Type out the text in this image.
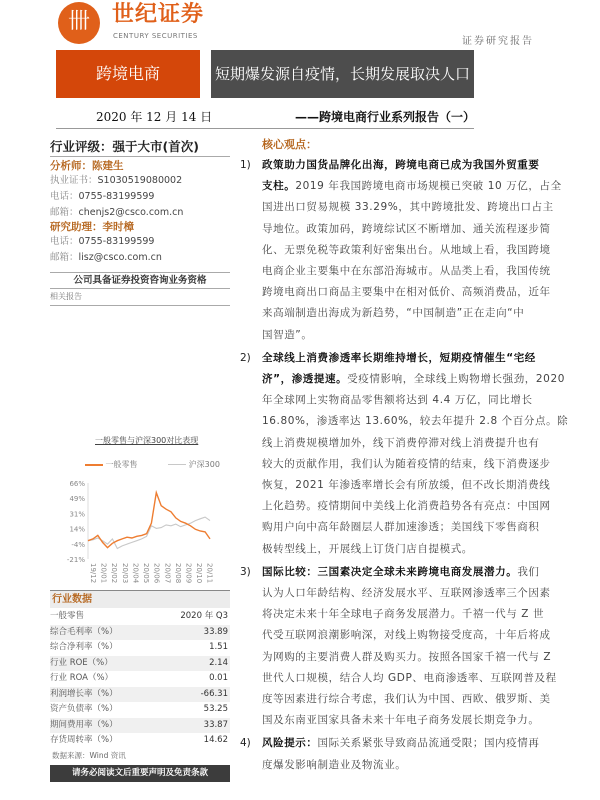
卌	世纪证券
CENTURY SECURITIES	证券研究报告
跨境电商	短期爆发源自疫情，长期发展取决人口
2020 年 12 月 14 日	——跨境电商行业系列报告（一）
行业评级：强于大市(首次)
分析师：陈建生
执业证书：S1030519080002
电话：0755-83199599
邮箱：chenjs2@csco.com.cn
研究助理：李时樟
电话：0755-83199599
邮箱：lisz@csco.com.cn
公司具备证券投资咨询业务资格
相关报告
一般零售与沪深300对比表现
一般零售	沪深300
66%
49%
31%
14%
-4%
-21%
19/12 20/01 20/02 20/03 20/04 20/05 20/06 20/07 20/08 20/09 20/10 20/11
行业数据
一般零售	2020 年 Q3
综合毛利率（%）	33.89
综合净利率（%）	1.51
行业 ROE（%）	2.14
行业 ROA（%）	0.01
利润增长率（%）	-66.31
资产负债率（%）	53.25
期间费用率（%）	33.87
存货周转率（%）	14.62
数据来源：Wind 资讯
请务必阅读文后重要声明及免责条款
核心观点：
1) 政策助力国货品牌化出海，跨境电商已成为我国外贸重要
支柱。2019 年我国跨境电商市场规模已突破 10 万亿，占全
国进出口贸易规模 33.29%，其中跨境批发、跨境出口占主
导地位。政策加码，跨境综试区不断增加、通关流程逐步简
化、无票免税等政策利好密集出台。从地域上看，我国跨境
电商企业主要集中在东部沿海城市。从品类上看，我国传统
跨境电商出口商品主要集中在相对低价、高频消费品，近年
来高端制造出海成为新趋势，“中国制造”正在走向“中
国智造”。
2) 全球线上消费渗透率长期维持增长，短期疫情催生“宅经
济”，渗透提速。受疫情影响，全球线上购物增长强劲，2020
年全球网上实物商品零售额将达到 4.4 万亿，同比增长
16.80%，渗透率达 13.60%，较去年提升 2.8 个百分点。除
线上消费规模增加外，线下消费停滞对线上消费提升也有
较大的贡献作用，我们认为随着疫情的结束，线下消费逐步
恢复，2021 年渗透率增长会有所放缓，但不改长期消费线
上化趋势。疫情期间中美线上化消费趋势各有亮点：中国网
购用户向中高年龄圈层人群加速渗透；美国线下零售商积
极转型线上，开展线上订货门店自提模式。
3) 国际比较：三国素决定全球未来跨境电商发展潜力。我们
认为人口年龄结构、经济发展水平、互联网渗透率三个因素
将决定未来十年全球电子商务发展潜力。千禧一代与 Z 世
代受互联网浪潮影响深，对线上购物接受度高，十年后将成
为网购的主要消费人群及购买力。按照各国家千禧一代与 Z
世代人口规模，结合人均 GDP、电商渗透率、互联网普及程
度等因素进行综合考虑，我们认为中国、西欧、俄罗斯、美
国及东南亚国家具备未来十年电子商务发展长期竞争力。
4) 风险提示：国际关系紧张导致商品流通受限；国内疫情再
度爆发影响制造业及物流业。
